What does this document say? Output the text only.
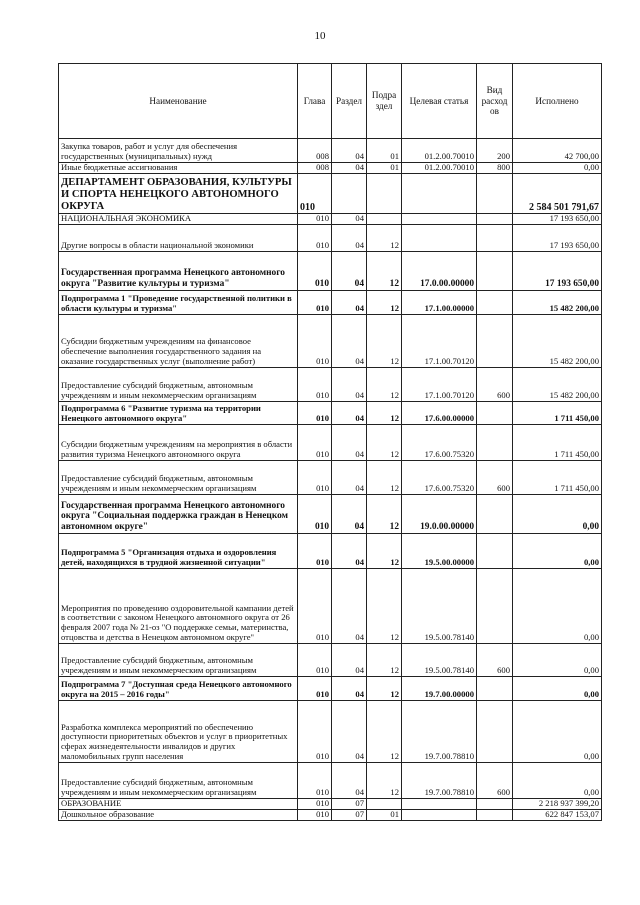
10
Наименование	Глава	Раздел	Подра здел	Целевая статья	Вид расход ов	Исполнено
Закупка товаров, работ и услуг для обеспечения государственных (муниципальных) нужд	008	04	01	01.2.00.70010	200	42 700,00
Иные бюджетные ассигнования	008	04	01	01.2.00.70010	800	0,00
ДЕПАРТАМЕНТ ОБРАЗОВАНИЯ, КУЛЬТУРЫ И СПОРТА НЕНЕЦКОГО АВТОНОМНОГО ОКРУГА	010					2 584 501 791,67
НАЦИОНАЛЬНАЯ ЭКОНОМИКА	010	04				17 193 650,00
Другие вопросы в области национальной экономики	010	04	12			17 193 650,00
Государственная программа Ненецкого автономного округа "Развитие культуры и туризма"	010	04	12	17.0.00.00000		17 193 650,00
Подпрограмма 1 "Проведение государственной политики в области культуры и туризма"	010	04	12	17.1.00.00000		15 482 200,00
Субсидии бюджетным учреждениям на финансовое обеспечение выполнения государственного задания на оказание государственных услуг (выполнение работ)	010	04	12	17.1.00.70120		15 482 200,00
Предоставление субсидий бюджетным, автономным учреждениям и иным некоммерческим организациям	010	04	12	17.1.00.70120	600	15 482 200,00
Подпрограмма 6 "Развитие туризма на территории Ненецкого автономного округа"	010	04	12	17.6.00.00000		1 711 450,00
Субсидии бюджетным учреждениям на мероприятия в области развития туризма Ненецкого автономного округа	010	04	12	17.6.00.75320		1 711 450,00
Предоставление субсидий бюджетным, автономным учреждениям и иным некоммерческим организациям	010	04	12	17.6.00.75320	600	1 711 450,00
Государственная программа Ненецкого автономного округа "Социальная поддержка граждан в Ненецком автономном округе"	010	04	12	19.0.00.00000		0,00
Подпрограмма 5 "Организация отдыха и оздоровления детей, находящихся в трудной жизненной ситуации"	010	04	12	19.5.00.00000		0,00
Мероприятия по проведению оздоровительной кампании детей в соответствии с законом Ненецкого автономного округа от 26 февраля 2007 года № 21-оз "О поддержке семьи, материнства, отцовства и детства в Ненецком автономном округе"	010	04	12	19.5.00.78140		0,00
Предоставление субсидий бюджетным, автономным учреждениям и иным некоммерческим организациям	010	04	12	19.5.00.78140	600	0,00
Подпрограмма 7 "Доступная среда Ненецкого автономного округа на 2015 – 2016 годы"	010	04	12	19.7.00.00000		0,00
Разработка комплекса мероприятий по обеспечению доступности приоритетных объектов и услуг в приоритетных сферах жизнедеятельности инвалидов и других маломобильных групп населения	010	04	12	19.7.00.78810		0,00
Предоставление субсидий бюджетным, автономным учреждениям и иным некоммерческим организациям	010	04	12	19.7.00.78810	600	0,00
ОБРАЗОВАНИЕ	010	07				2 218 937 399,20
Дошкольное образование	010	07	01			622 847 153,07
